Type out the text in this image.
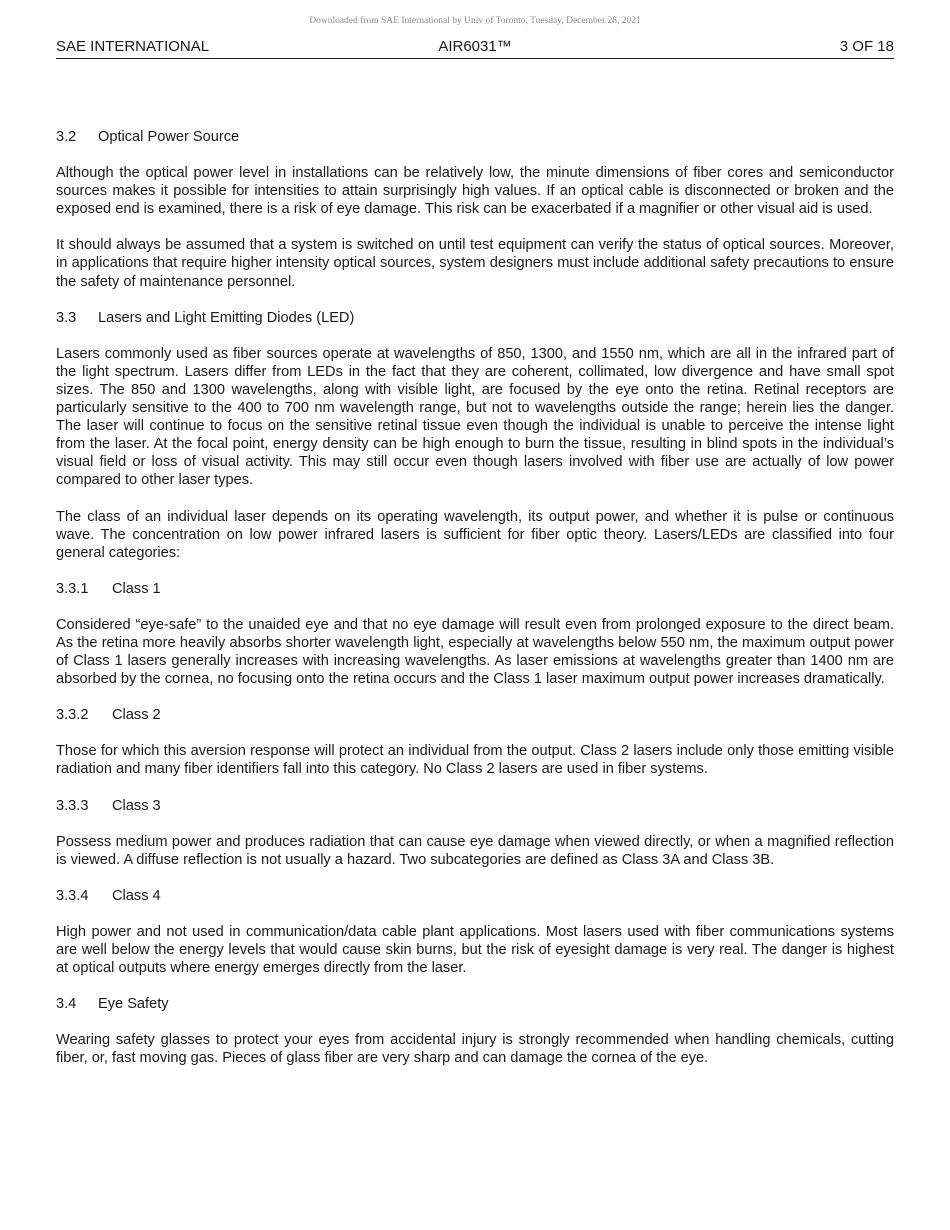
Downloaded from SAE International by Univ of Toronto, Tuesday, December 28, 2021
SAE INTERNATIONAL	AIR6031™	3 OF 18

3.2 Optical Power Source

Although the optical power level in installations can be relatively low, the minute dimensions of fiber cores and semiconductor sources makes it possible for intensities to attain surprisingly high values. If an optical cable is disconnected or broken and the exposed end is examined, there is a risk of eye damage. This risk can be exacerbated if a magnifier or other visual aid is used.

It should always be assumed that a system is switched on until test equipment can verify the status of optical sources. Moreover, in applications that require higher intensity optical sources, system designers must include additional safety precautions to ensure the safety of maintenance personnel.

3.3 Lasers and Light Emitting Diodes (LED)

Lasers commonly used as fiber sources operate at wavelengths of 850, 1300, and 1550 nm, which are all in the infrared part of the light spectrum. Lasers differ from LEDs in the fact that they are coherent, collimated, low divergence and have small spot sizes. The 850 and 1300 wavelengths, along with visible light, are focused by the eye onto the retina. Retinal receptors are particularly sensitive to the 400 to 700 nm wavelength range, but not to wavelengths outside the range; herein lies the danger. The laser will continue to focus on the sensitive retinal tissue even though the individual is unable to perceive the intense light from the laser. At the focal point, energy density can be high enough to burn the tissue, resulting in blind spots in the individual’s visual field or loss of visual activity. This may still occur even though lasers involved with fiber use are actually of low power compared to other laser types.

The class of an individual laser depends on its operating wavelength, its output power, and whether it is pulse or continuous wave. The concentration on low power infrared lasers is sufficient for fiber optic theory. Lasers/LEDs are classified into four general categories:

3.3.1 Class 1

Considered “eye-safe” to the unaided eye and that no eye damage will result even from prolonged exposure to the direct beam. As the retina more heavily absorbs shorter wavelength light, especially at wavelengths below 550 nm, the maximum output power of Class 1 lasers generally increases with increasing wavelengths. As laser emissions at wavelengths greater than 1400 nm are absorbed by the cornea, no focusing onto the retina occurs and the Class 1 laser maximum output power increases dramatically.

3.3.2 Class 2

Those for which this aversion response will protect an individual from the output. Class 2 lasers include only those emitting visible radiation and many fiber identifiers fall into this category. No Class 2 lasers are used in fiber systems.

3.3.3 Class 3

Possess medium power and produces radiation that can cause eye damage when viewed directly, or when a magnified reflection is viewed. A diffuse reflection is not usually a hazard. Two subcategories are defined as Class 3A and Class 3B.

3.3.4 Class 4

High power and not used in communication/data cable plant applications. Most lasers used with fiber communications systems are well below the energy levels that would cause skin burns, but the risk of eyesight damage is very real. The danger is highest at optical outputs where energy emerges directly from the laser.

3.4 Eye Safety

Wearing safety glasses to protect your eyes from accidental injury is strongly recommended when handling chemicals, cutting fiber, or, fast moving gas. Pieces of glass fiber are very sharp and can damage the cornea of the eye.
